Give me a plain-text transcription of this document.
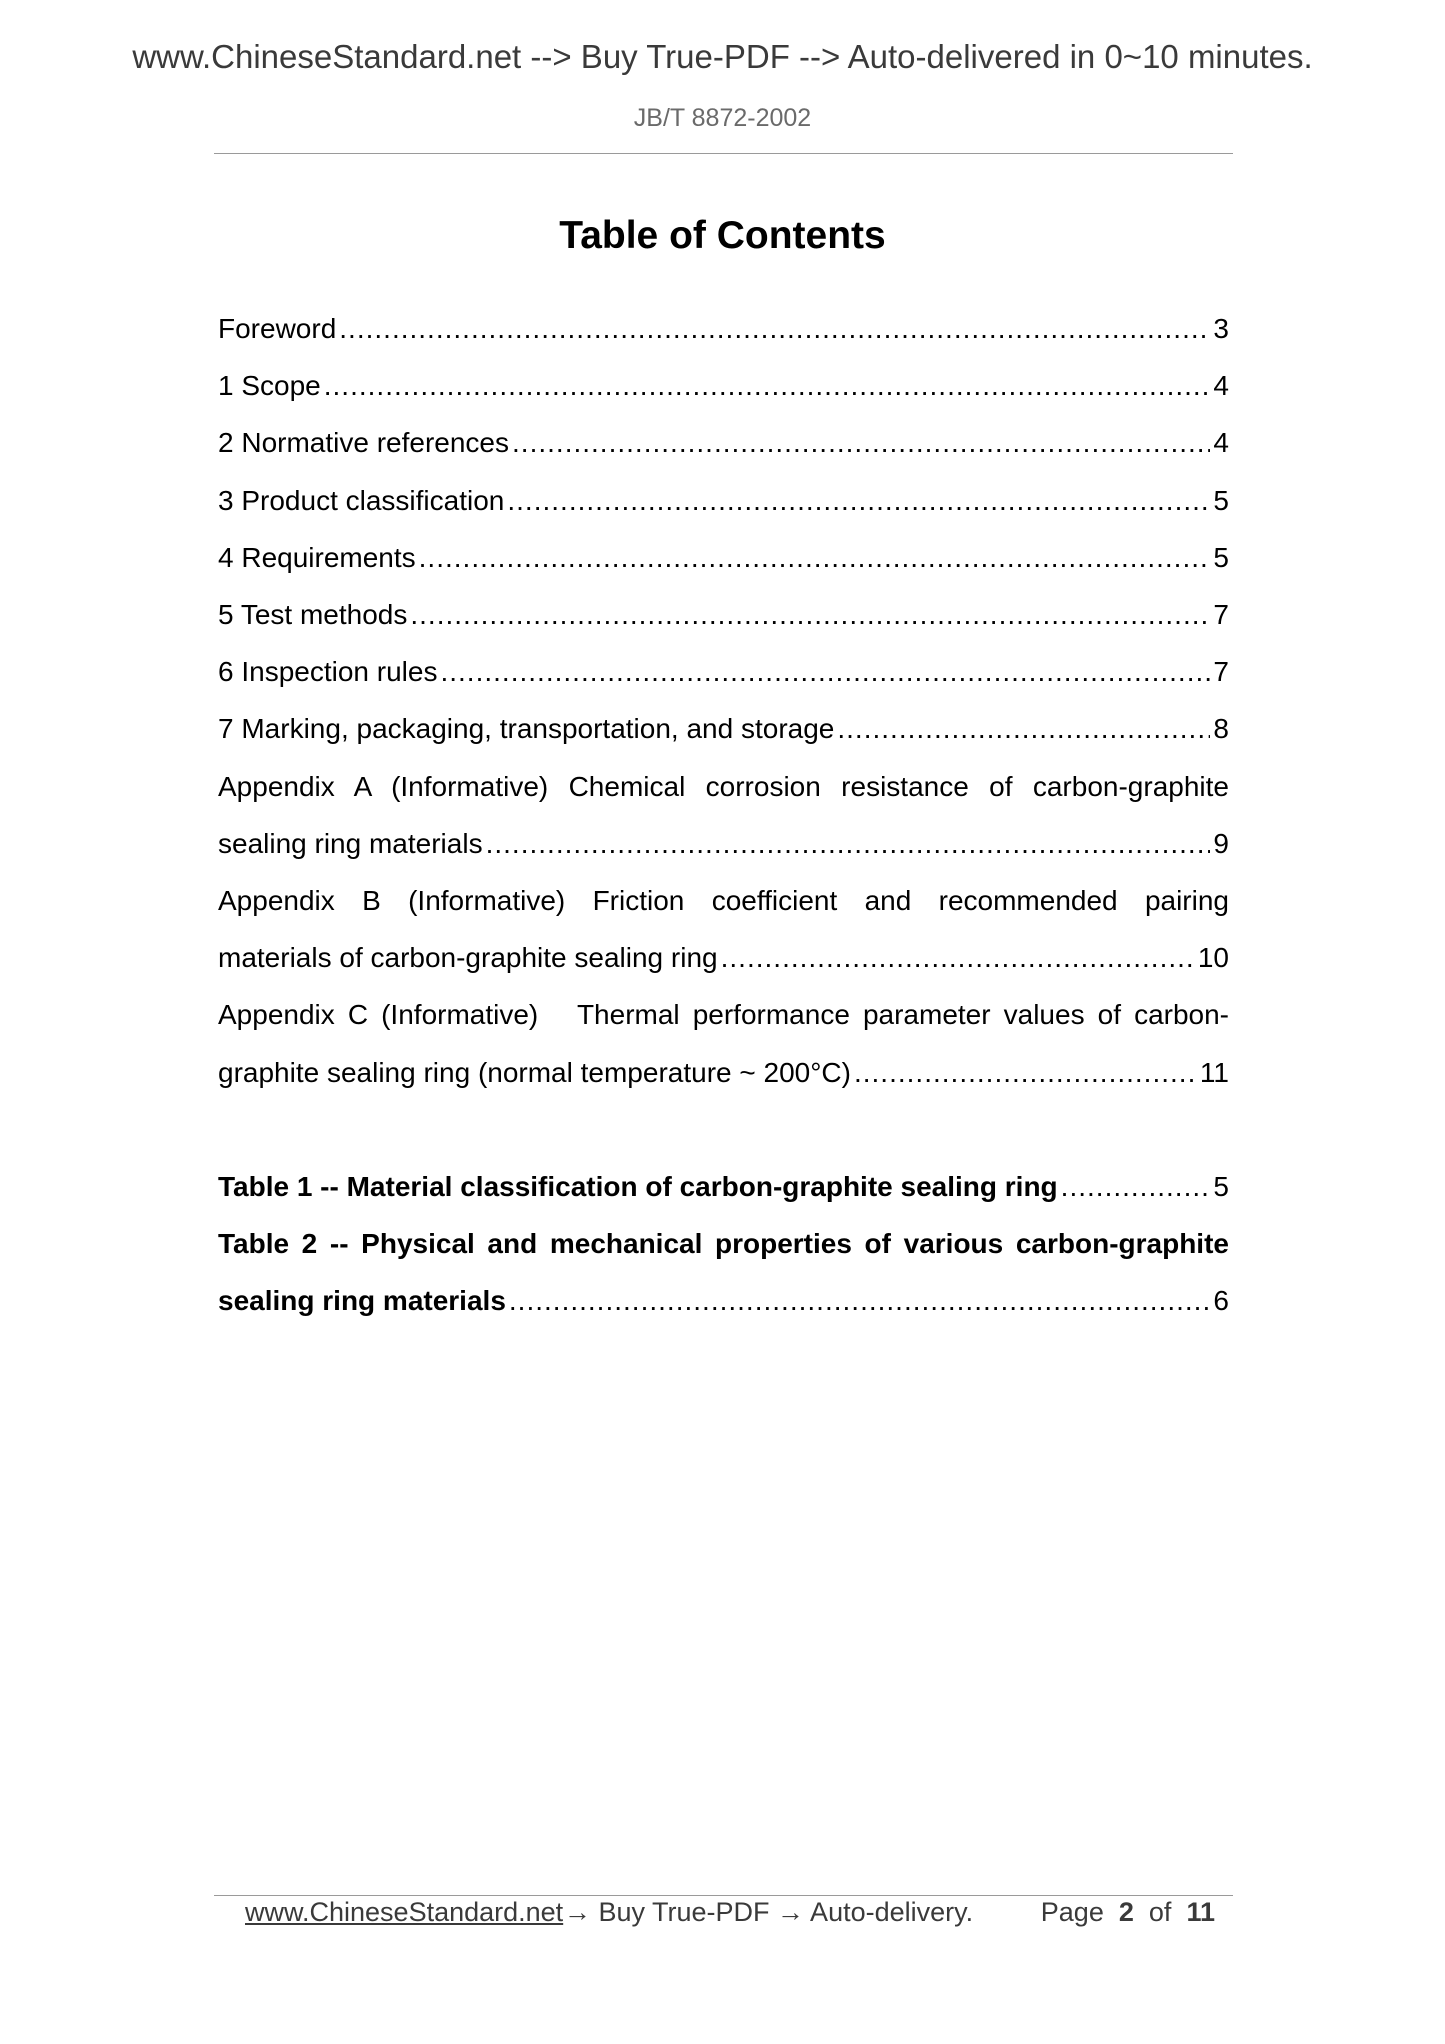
www.ChineseStandard.net --> Buy True-PDF --> Auto-delivered in 0~10 minutes.
JB/T 8872-2002
Table of Contents
Foreword .....	3
1 Scope .....	4
2 Normative references .....	4
3 Product classification .....	5
4 Requirements .....	5
5 Test methods .....	7
6 Inspection rules .....	7
7 Marking, packaging, transportation, and storage .....	8
Appendix A (Informative) Chemical corrosion resistance of carbon-graphite
sealing ring materials .....	9
Appendix B (Informative) Friction coefficient and recommended pairing
materials of carbon-graphite sealing ring .....	10
Appendix C (Informative)   Thermal performance parameter values of carbon-
graphite sealing ring (normal temperature ~ 200°C) .....	11
Table 1 -- Material classification of carbon-graphite sealing ring .....	5
Table 2 -- Physical and mechanical properties of various carbon-graphite
sealing ring materials .....	6
www.ChineseStandard.net → Buy True-PDF → Auto-delivery.	Page 2 of 11
